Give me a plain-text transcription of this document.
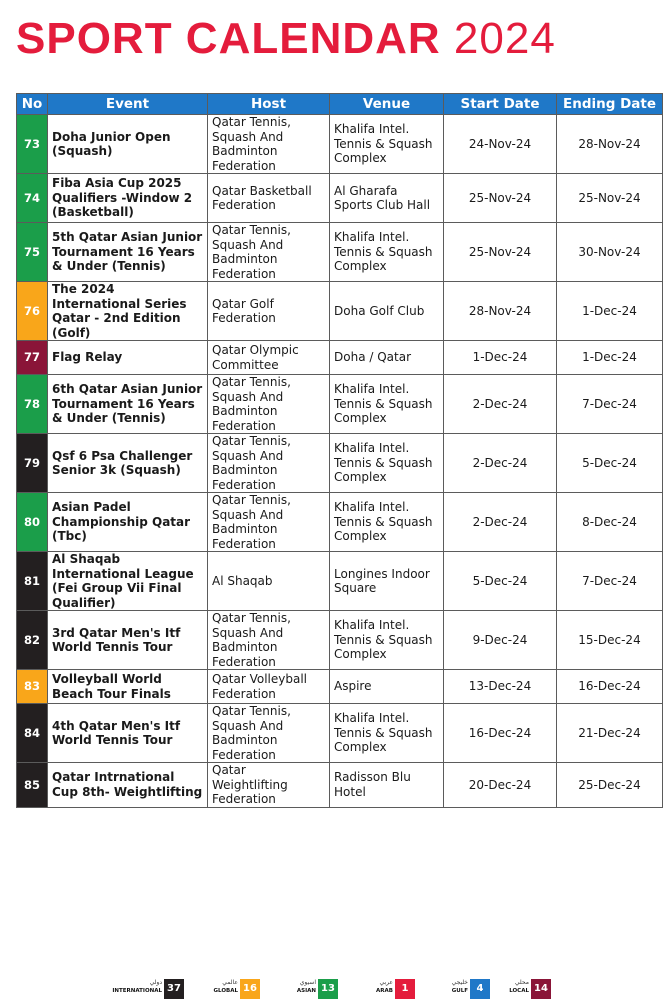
SPORT CALENDAR 2024
No	Event	Host	Venue	Start Date	Ending Date
73	Doha Junior Open (Squash)	Qatar Tennis, Squash And Badminton Federation	Khalifa Intel. Tennis & Squash Complex	24-Nov-24	28-Nov-24
74	Fiba Asia Cup 2025 Qualifiers -Window 2 (Basketball)	Qatar Basketball Federation	Al Gharafa Sports Club Hall	25-Nov-24	25-Nov-24
75	5th Qatar Asian Junior Tournament 16 Years & Under (Tennis)	Qatar Tennis, Squash And Badminton Federation	Khalifa Intel. Tennis & Squash Complex	25-Nov-24	30-Nov-24
76	The 2024 International Series Qatar - 2nd Edition (Golf)	Qatar Golf Federation	Doha Golf Club	28-Nov-24	1-Dec-24
77	Flag Relay	Qatar Olympic Committee	Doha / Qatar	1-Dec-24	1-Dec-24
78	6th Qatar Asian Junior Tournament 16 Years & Under (Tennis)	Qatar Tennis, Squash And Badminton Federation	Khalifa Intel. Tennis & Squash Complex	2-Dec-24	7-Dec-24
79	Qsf 6 Psa Challenger Senior 3k (Squash)	Qatar Tennis, Squash And Badminton Federation	Khalifa Intel. Tennis & Squash Complex	2-Dec-24	5-Dec-24
80	Asian Padel Championship Qatar (Tbc)	Qatar Tennis, Squash And Badminton Federation	Khalifa Intel. Tennis & Squash Complex	2-Dec-24	8-Dec-24
81	Al Shaqab International League (Fei Group Vii Final Qualifier)	Al Shaqab	Longines Indoor Square	5-Dec-24	7-Dec-24
82	3rd Qatar Men's Itf World Tennis Tour	Qatar Tennis, Squash And Badminton Federation	Khalifa Intel. Tennis & Squash Complex	9-Dec-24	15-Dec-24
83	Volleyball World Beach Tour Finals	Qatar Volleyball Federation	Aspire	13-Dec-24	16-Dec-24
84	4th Qatar Men's Itf World Tennis Tour	Qatar Tennis, Squash And Badminton Federation	Khalifa Intel. Tennis & Squash Complex	16-Dec-24	21-Dec-24
85	Qatar Intrnational Cup 8th- Weightlifting	Qatar Weightlifting Federation	Radisson Blu Hotel	20-Dec-24	25-Dec-24
دولي
INTERNATIONAL 37
عالمي
GLOBAL 16
اسيوي
ASIAN 13
عربي
ARAB 1
خليجي
GULF 4
محلي
LOCAL 14
